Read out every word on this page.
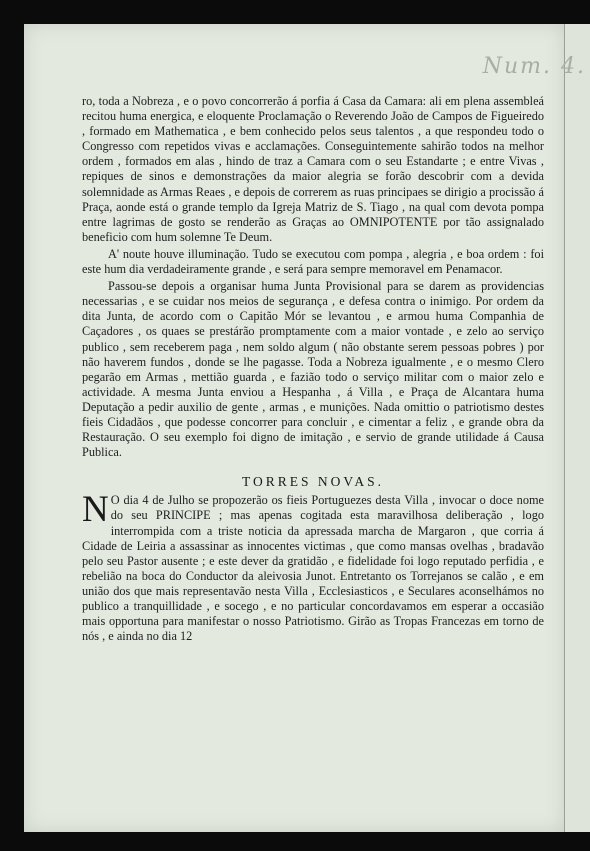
ro, toda a Nobreza , e o povo concorrerão á porfia á Casa da Camara: ali em plena assembleá recitou huma energica, e eloquente Proclamação o Reverendo João de Campos de Figueiredo , formado em Mathematica , e bem conhecido pelos seus talentos , a que respondeu todo o Congresso com repetidos vivas e acclamações. Conseguintemente sahirão todos na melhor ordem , formados em alas , hindo de traz a Camara com o seu Estandarte ; e entre Vivas , repiques de sinos e demonstrações da maior alegria se forão descobrir com a devida solemnidade as Armas Reaes , e depois de correrem as ruas principaes se dirigio a procissão á Praça, aonde está o grande templo da Igreja Matriz de S. Tiago , na qual com devota pompa entre lagrimas de gosto se renderão as Graças ao OMNIPOTENTE por tão assignalado beneficio com hum solemne Te Deum.

A' noute houve illuminação. Tudo se executou com pompa , alegria , e boa ordem : foi este hum dia verdadeiramente grande , e será para sempre memoravel em Penamacor.

Passou-se depois a organisar huma Junta Provisional para se darem as providencias necessarias , e se cuidar nos meios de segurança , e defesa contra o inimigo. Por ordem da dita Junta, de acordo com o Capitão Mór se levantou , e armou huma Companhia de Caçadores , os quaes se prestárão promptamente com a maior vontade , e zelo ao serviço publico , sem receberem paga , nem soldo algum ( não obstante serem pessoas pobres ) por não haverem fundos , donde se lhe pagasse. Toda a Nobreza igualmente , e o mesmo Clero pegarão em Armas , mettião guarda , e fazião todo o serviço militar com o maior zelo e actividade. A mesma Junta enviou a Hespanha , á Villa , e Praça de Alcantara huma Deputação a pedir auxilio de gente , armas , e munições. Nada omittio o patriotismo destes fieis Cidadãos , que podesse concorrer para concluir , e cimentar a feliz , e grande obra da Restauração. O seu exemplo foi digno de imitação , e servio de grande utilidade á Causa Publica.

TORRES NOVAS.

N O dia 4 de Julho se propozerão os fieis Portuguezes desta Villa , invocar o doce nome do seu PRINCIPE ; mas apenas cogitada esta maravilhosa deliberação , logo interrompida com a triste noticia da apressada marcha de Margaron , que corria á Cidade de Leiria a assassinar as innocentes victimas , que como mansas ovelhas , bradavão pelo seu Pastor ausente ; e este dever da gratidão , e fidelidade foi logo reputado perfidia , e rebelião na boca do Conductor da aleivosia Junot. Entretanto os Torrejanos se calão , e em união dos que mais representavão nesta Villa , Ecclesiasticos , e Seculares aconselhámos no publico a tranquillidade , e socego , e no particular concordavamos em esperar a occasião mais opportuna para manifestar o nosso Patriotismo. Girão as Tropas Francezas em torno de nós , e ainda no dia 12

Num. 4.
